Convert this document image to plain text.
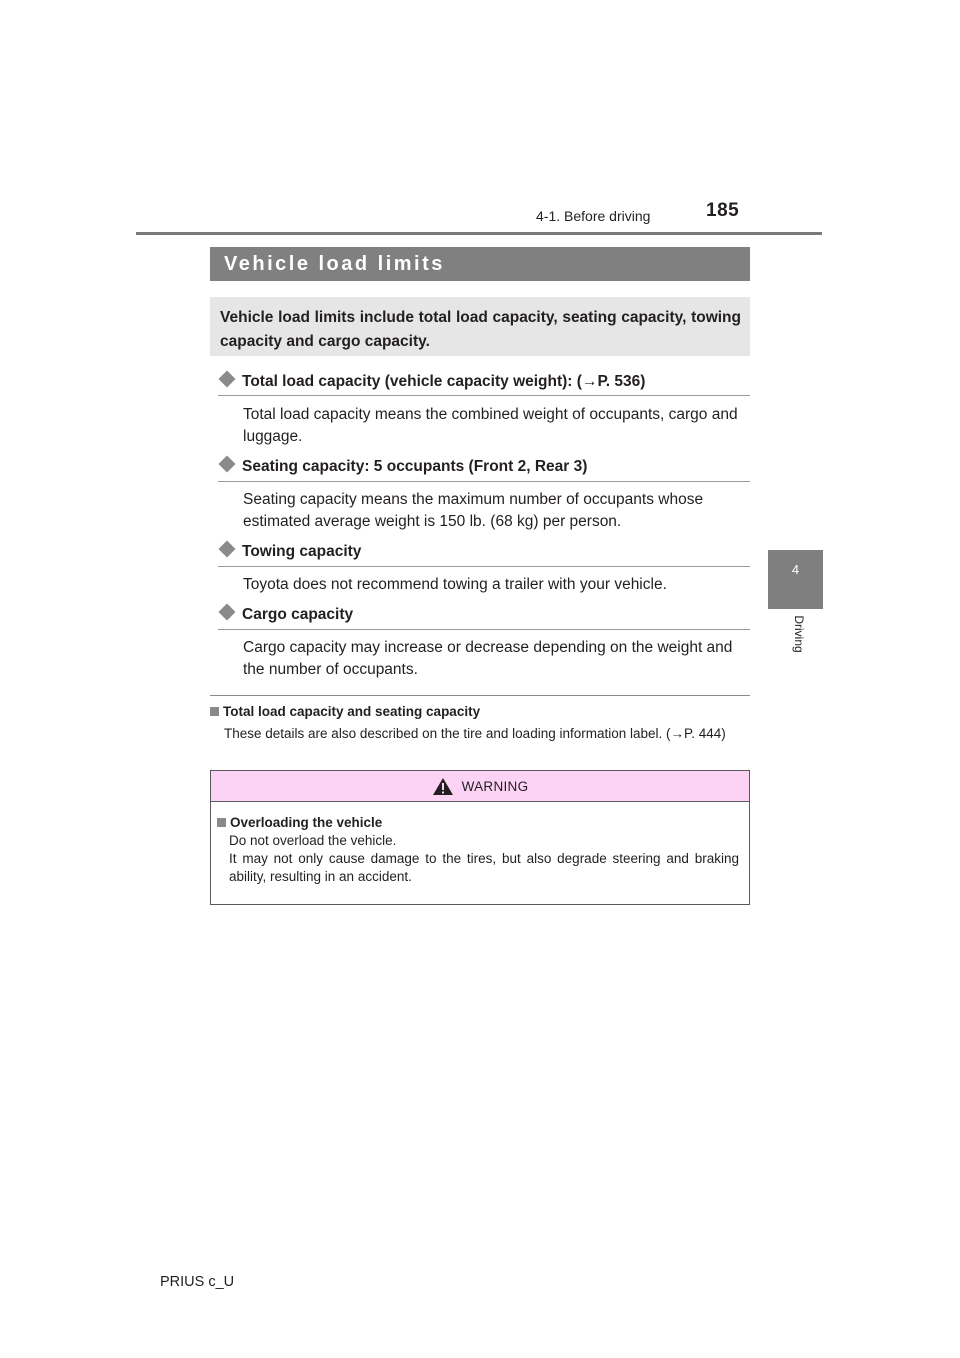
185
4-1. Before driving
4
Driving
Vehicle load limits
Vehicle load limits include total load capacity, seating capacity, towing capacity and cargo capacity.
Total load capacity (vehicle capacity weight): (→P. 536)
Total load capacity means the combined weight of occupants, cargo and luggage.
Seating capacity: 5 occupants (Front 2, Rear 3)
Seating capacity means the maximum number of occupants whose estimated average weight is 150 lb. (68 kg) per person.
Towing capacity
Toyota does not recommend towing a trailer with your vehicle.
Cargo capacity
Cargo capacity may increase or decrease depending on the weight and the number of occupants.
Total load capacity and seating capacity
These details are also described on the tire and loading information label. (→P. 444)
WARNING
Overloading the vehicle
Do not overload the vehicle.
It may not only cause damage to the tires, but also degrade steering and braking ability, resulting in an accident.
PRIUS c_U
